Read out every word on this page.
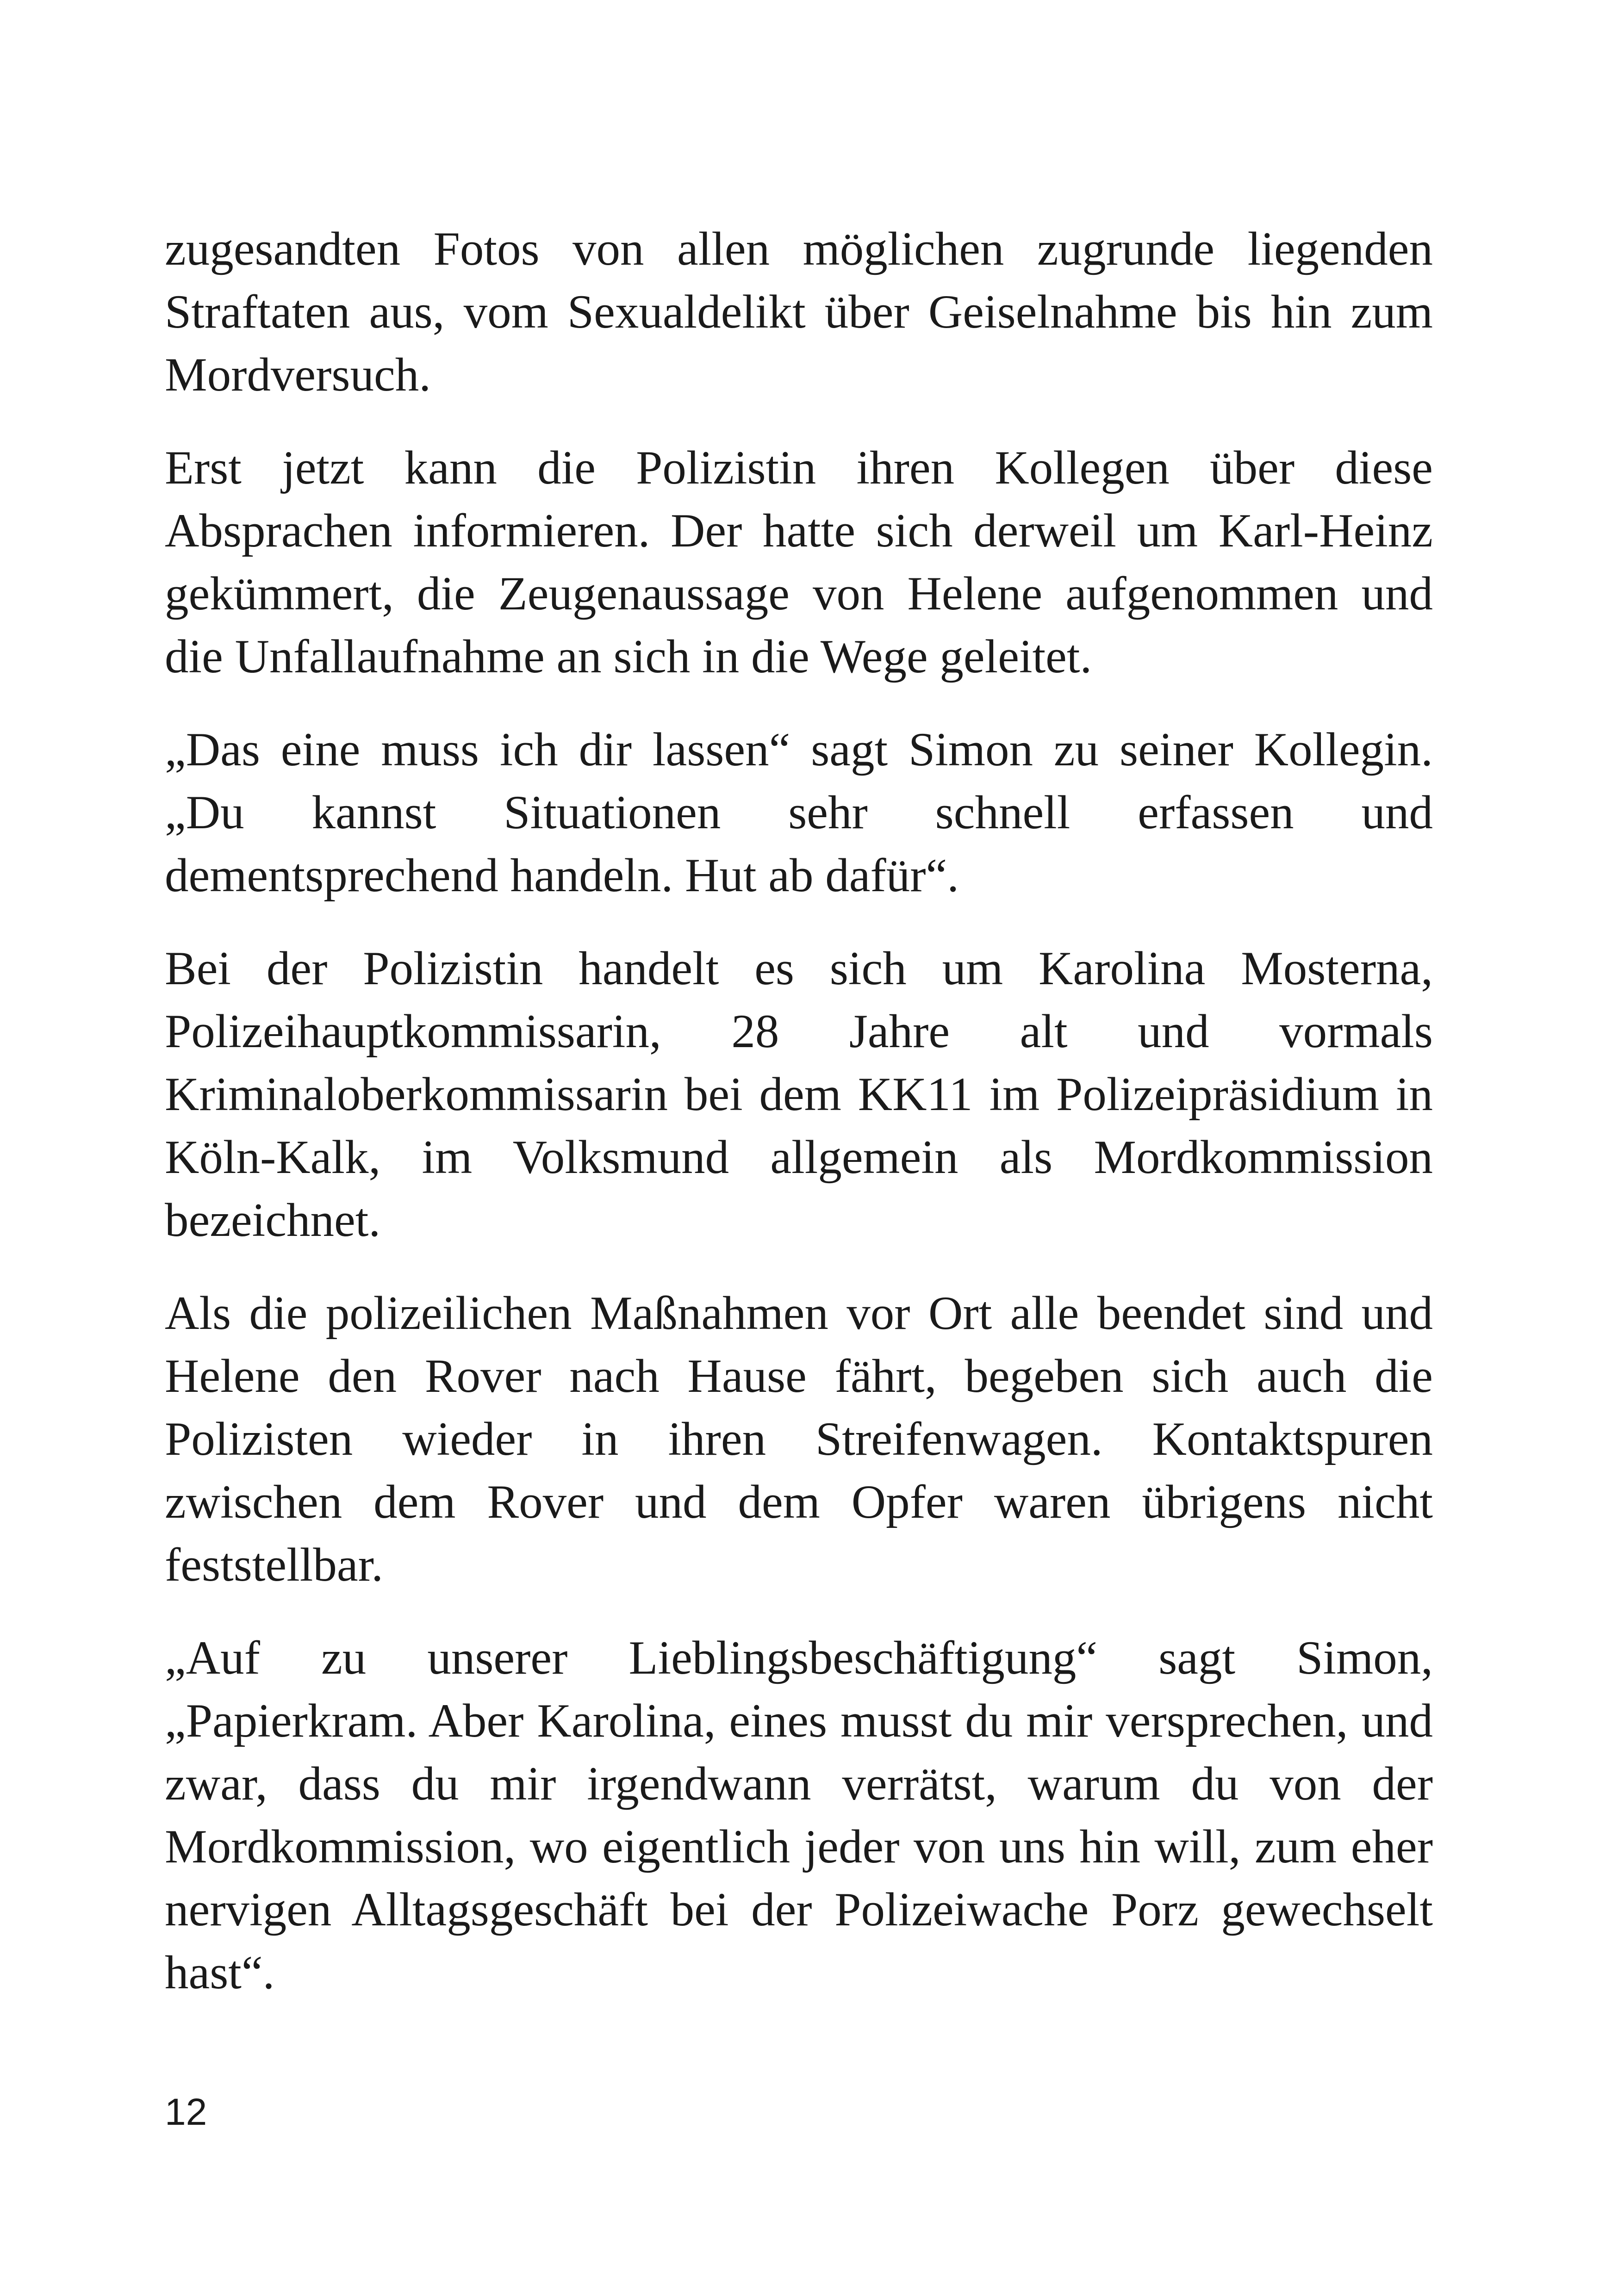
zugesandten Fotos von allen möglichen zugrunde liegenden Straftaten aus, vom Sexualdelikt über Geiselnahme bis hin zum Mordversuch.

Erst jetzt kann die Polizistin ihren Kollegen über diese Absprachen informieren. Der hatte sich derweil um Karl-Heinz gekümmert, die Zeugenaussage von Helene aufgenommen und die Unfallaufnahme an sich in die Wege geleitet.

„Das eine muss ich dir lassen“ sagt Simon zu seiner Kollegin. „Du kannst Situationen sehr schnell erfassen und dementsprechend handeln. Hut ab dafür“.

Bei der Polizistin handelt es sich um Karolina Mosterna, Polizeihauptkommissarin, 28 Jahre alt und vormals Kriminaloberkommissarin bei dem KK11 im Polizeipräsidium in Köln-Kalk, im Volksmund allgemein als Mordkommission bezeichnet.

Als die polizeilichen Maßnahmen vor Ort alle beendet sind und Helene den Rover nach Hause fährt, begeben sich auch die Polizisten wieder in ihren Streifenwagen. Kontaktspuren zwischen dem Rover und dem Opfer waren übrigens nicht feststellbar.

„Auf zu unserer Lieblingsbeschäftigung“ sagt Simon, „Papierkram. Aber Karolina, eines musst du mir versprechen, und zwar, dass du mir irgendwann verrätst, warum du von der Mordkommission, wo eigentlich jeder von uns hin will, zum eher nervigen Alltagsgeschäft bei der Polizeiwache Porz gewechselt hast“.

12
